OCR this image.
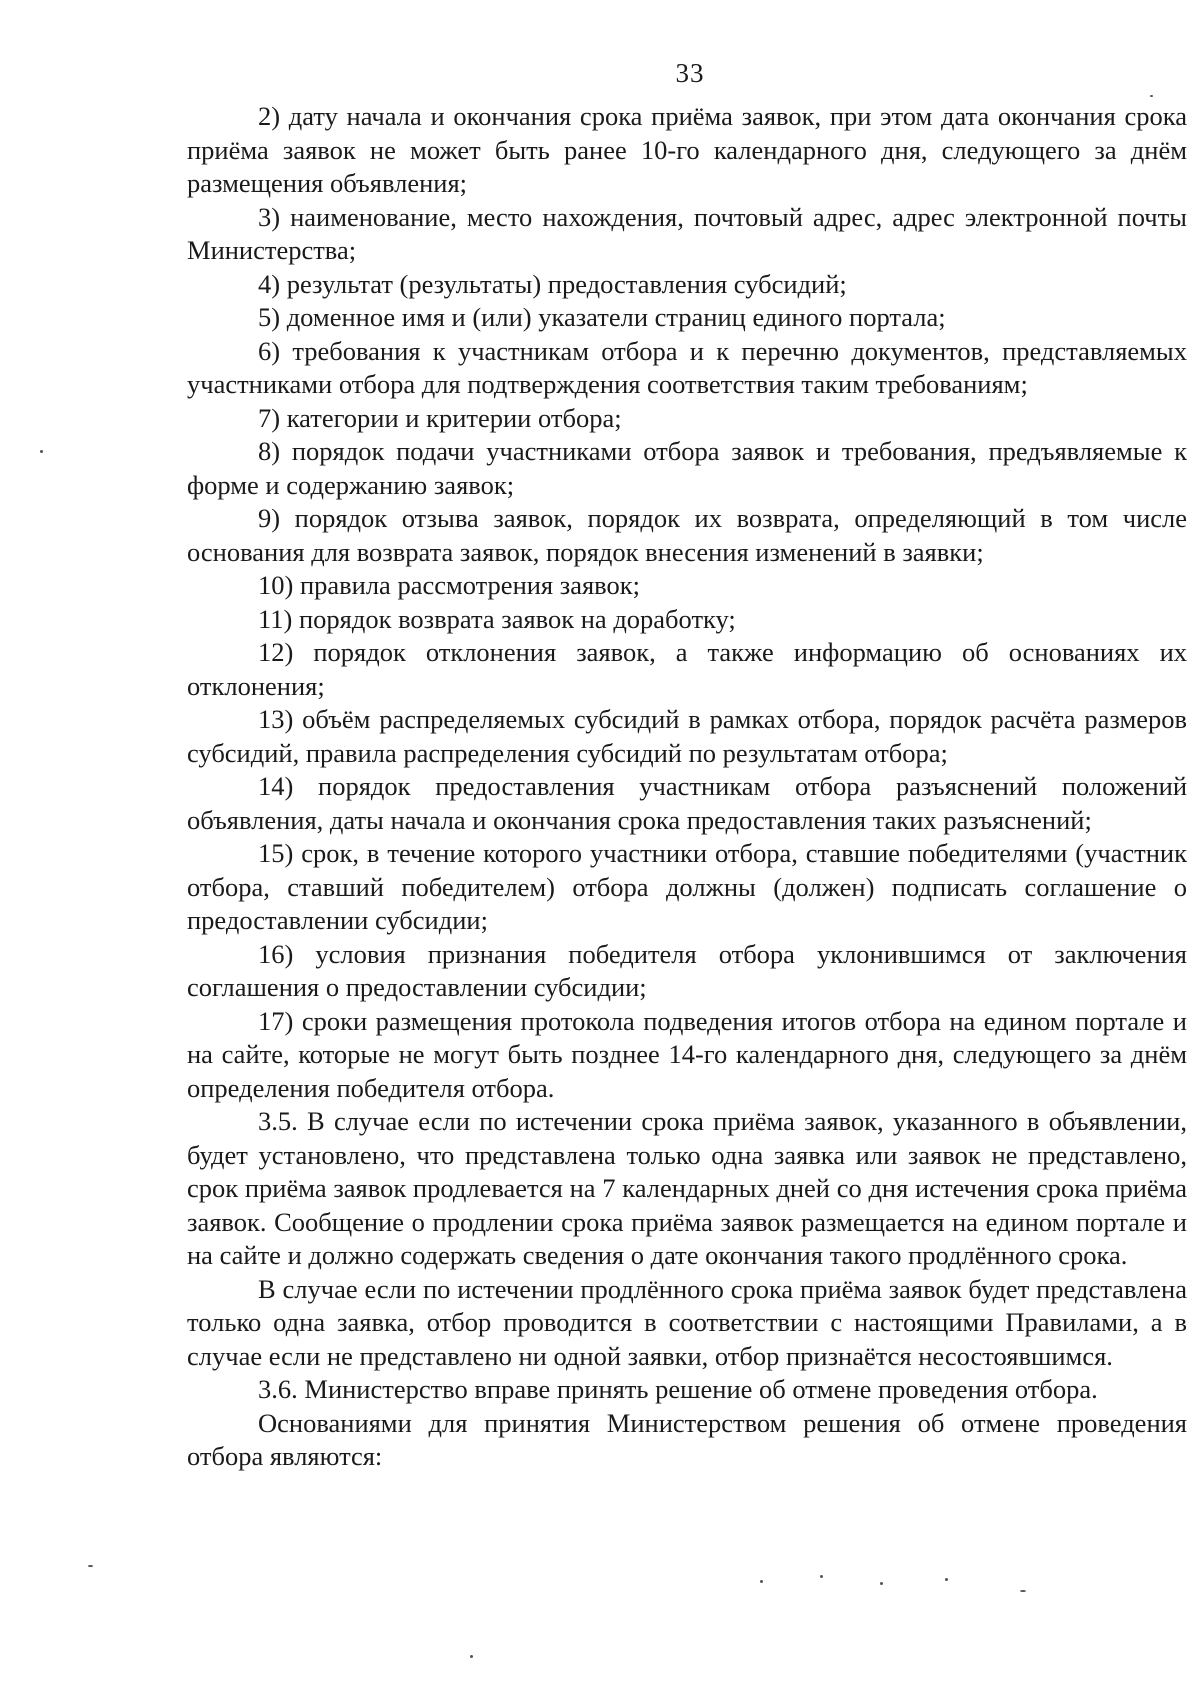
33

2) дату начала и окончания срока приёма заявок, при этом дата окончания срока приёма заявок не может быть ранее 10-го календарного дня, следующего за днём размещения объявления;

3) наименование, место нахождения, почтовый адрес, адрес электронной почты Министерства;

4) результат (результаты) предоставления субсидий;

5) доменное имя и (или) указатели страниц единого портала;

6) требования к участникам отбора и к перечню документов, представляемых участниками отбора для подтверждения соответствия таким требованиям;

7) категории и критерии отбора;

8) порядок подачи участниками отбора заявок и требования, предъявляемые к форме и содержанию заявок;

9) порядок отзыва заявок, порядок их возврата, определяющий в том числе основания для возврата заявок, порядок внесения изменений в заявки;

10) правила рассмотрения заявок;

11) порядок возврата заявок на доработку;

12) порядок отклонения заявок, а также информацию об основаниях их отклонения;

13) объём распределяемых субсидий в рамках отбора, порядок расчёта размеров субсидий, правила распределения субсидий по результатам отбора;

14) порядок предоставления участникам отбора разъяснений положений объявления, даты начала и окончания срока предоставления таких разъяснений;

15) срок, в течение которого участники отбора, ставшие победителями (участник отбора, ставший победителем) отбора должны (должен) подписать соглашение о предоставлении субсидии;

16) условия признания победителя отбора уклонившимся от заключения соглашения о предоставлении субсидии;

17) сроки размещения протокола подведения итогов отбора на едином портале и на сайте, которые не могут быть позднее 14-го календарного дня, следующего за днём определения победителя отбора.

3.5. В случае если по истечении срока приёма заявок, указанного в объявлении, будет установлено, что представлена только одна заявка или заявок не представлено, срок приёма заявок продлевается на 7 календарных дней со дня истечения срока приёма заявок. Сообщение о продлении срока приёма заявок размещается на едином портале и на сайте и должно содержать сведения о дате окончания такого продлённого срока.

В случае если по истечении продлённого срока приёма заявок будет представлена только одна заявка, отбор проводится в соответствии с настоящими Правилами, а в случае если не представлено ни одной заявки, отбор признаётся несостоявшимся.

3.6. Министерство вправе принять решение об отмене проведения отбора.

Основаниями для принятия Министерством решения об отмене проведения отбора являются:
